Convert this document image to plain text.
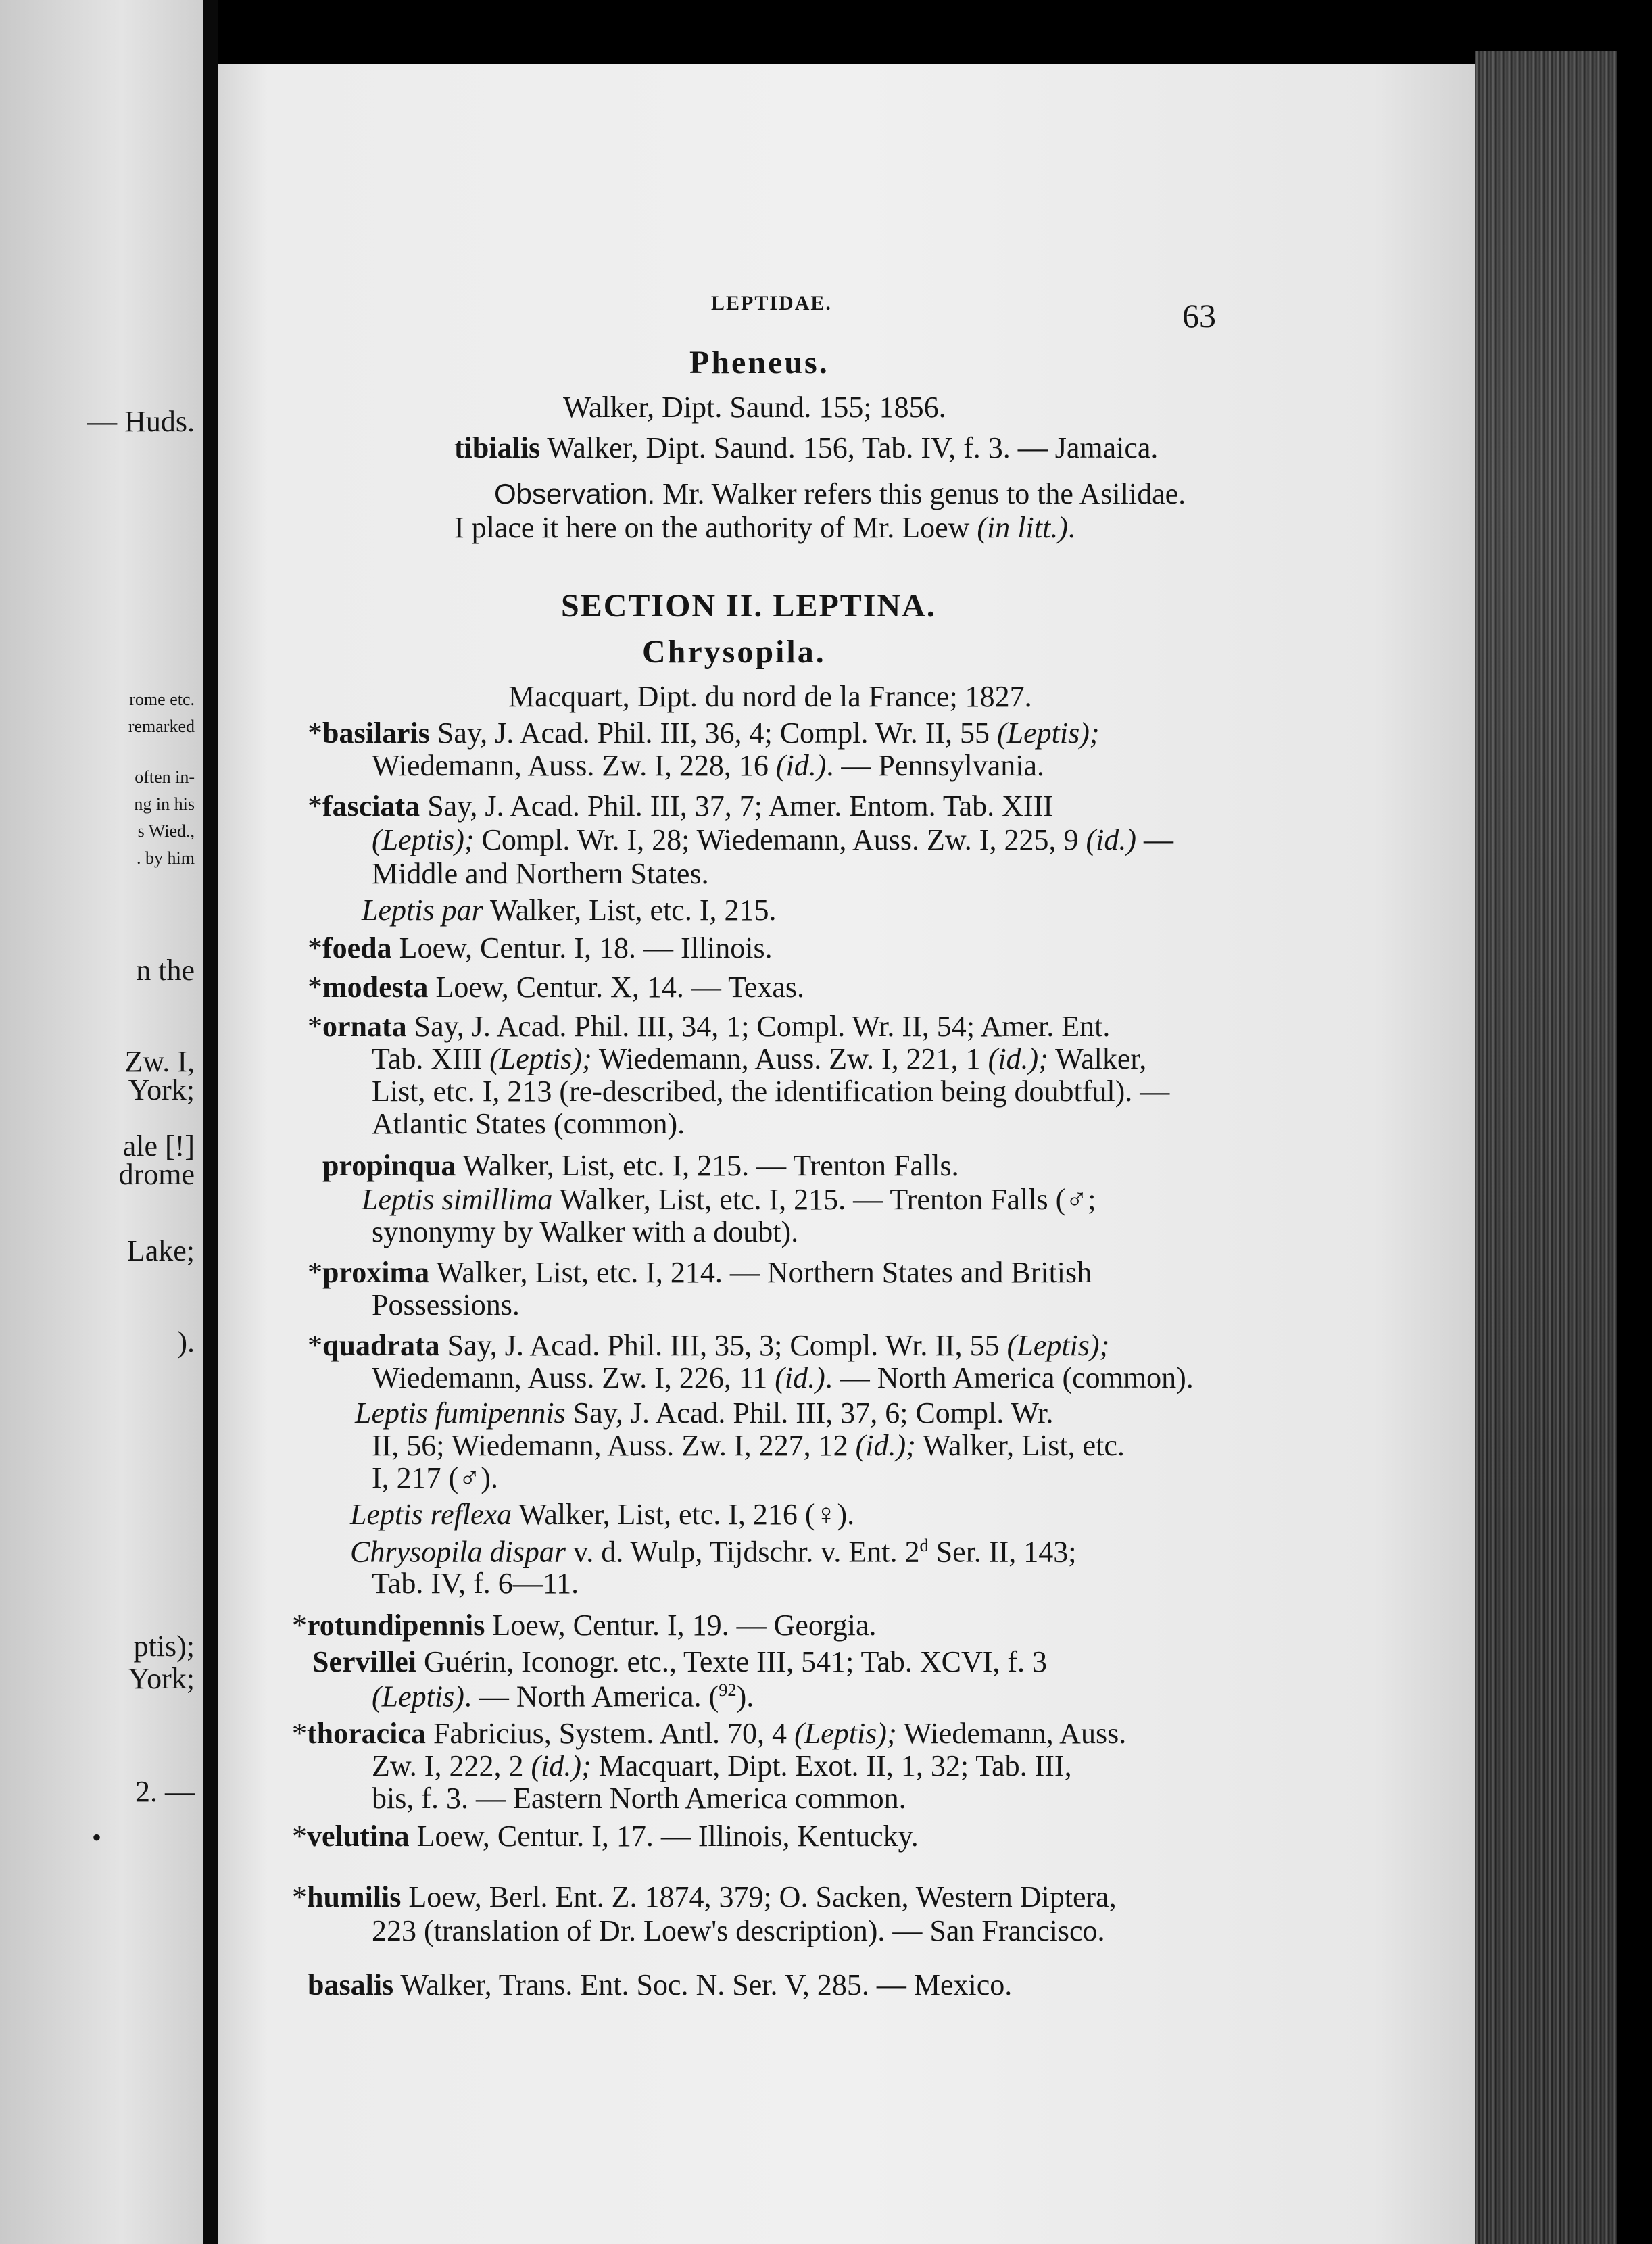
— Huds.
rome etc.
remarked
often in-
ng in his
s Wied.,
. by him
n the
Zw. I,
York;
ale [!]
drome
Lake;
).
ptis);
York;
2. —
•
LEPTIDAE.	63
Pheneus.
Walker, Dipt. Saund. 155; 1856.
tibialis Walker, Dipt. Saund. 156, Tab. IV, f. 3. — Jamaica.
Observation. Mr. Walker refers this genus to the Asilidae.
I place it here on the authority of Mr. Loew (in litt.).
SECTION II. LEPTINA.
Chrysopila.
Macquart, Dipt. du nord de la France; 1827.
*basilaris Say, J. Acad. Phil. III, 36, 4; Compl. Wr. II, 55 (Leptis);
Wiedemann, Auss. Zw. I, 228, 16 (id.). — Pennsylvania.
*fasciata Say, J. Acad. Phil. III, 37, 7; Amer. Entom. Tab. XIII
(Leptis); Compl. Wr. I, 28; Wiedemann, Auss. Zw. I, 225, 9 (id.) —
Middle and Northern States.
Leptis par Walker, List, etc. I, 215.
*foeda Loew, Centur. I, 18. — Illinois.
*modesta Loew, Centur. X, 14. — Texas.
*ornata Say, J. Acad. Phil. III, 34, 1; Compl. Wr. II, 54; Amer. Ent.
Tab. XIII (Leptis); Wiedemann, Auss. Zw. I, 221, 1 (id.); Walker,
List, etc. I, 213 (re-described, the identification being doubtful). —
Atlantic States (common).
propinqua Walker, List, etc. I, 215. — Trenton Falls.
Leptis simillima Walker, List, etc. I, 215. — Trenton Falls (♂;
synonymy by Walker with a doubt).
*proxima Walker, List, etc. I, 214. — Northern States and British
Possessions.
*quadrata Say, J. Acad. Phil. III, 35, 3; Compl. Wr. II, 55 (Leptis);
Wiedemann, Auss. Zw. I, 226, 11 (id.). — North America (common).
Leptis fumipennis Say, J. Acad. Phil. III, 37, 6; Compl. Wr.
II, 56; Wiedemann, Auss. Zw. I, 227, 12 (id.); Walker, List, etc.
I, 217 (♂).
Leptis reflexa Walker, List, etc. I, 216 (♀).
Chrysopila dispar v. d. Wulp, Tijdschr. v. Ent. 2$^d$ Ser. II, 143;
Tab. IV, f. 6—11.
*rotundipennis Loew, Centur. I, 19. — Georgia.
Servillei Guérin, Iconogr. etc., Texte III, 541; Tab. XCVI, f. 3
(Leptis). — North America. ($^{92}$).
*thoracica Fabricius, System. Antl. 70, 4 (Leptis); Wiedemann, Auss.
Zw. I, 222, 2 (id.); Macquart, Dipt. Exot. II, 1, 32; Tab. III,
bis, f. 3. — Eastern North America common.
*velutina Loew, Centur. I, 17. — Illinois, Kentucky.
*humilis Loew, Berl. Ent. Z. 1874, 379; O. Sacken, Western Diptera,
223 (translation of Dr. Loew's description). — San Francisco.
basalis Walker, Trans. Ent. Soc. N. Ser. V, 285. — Mexico.
